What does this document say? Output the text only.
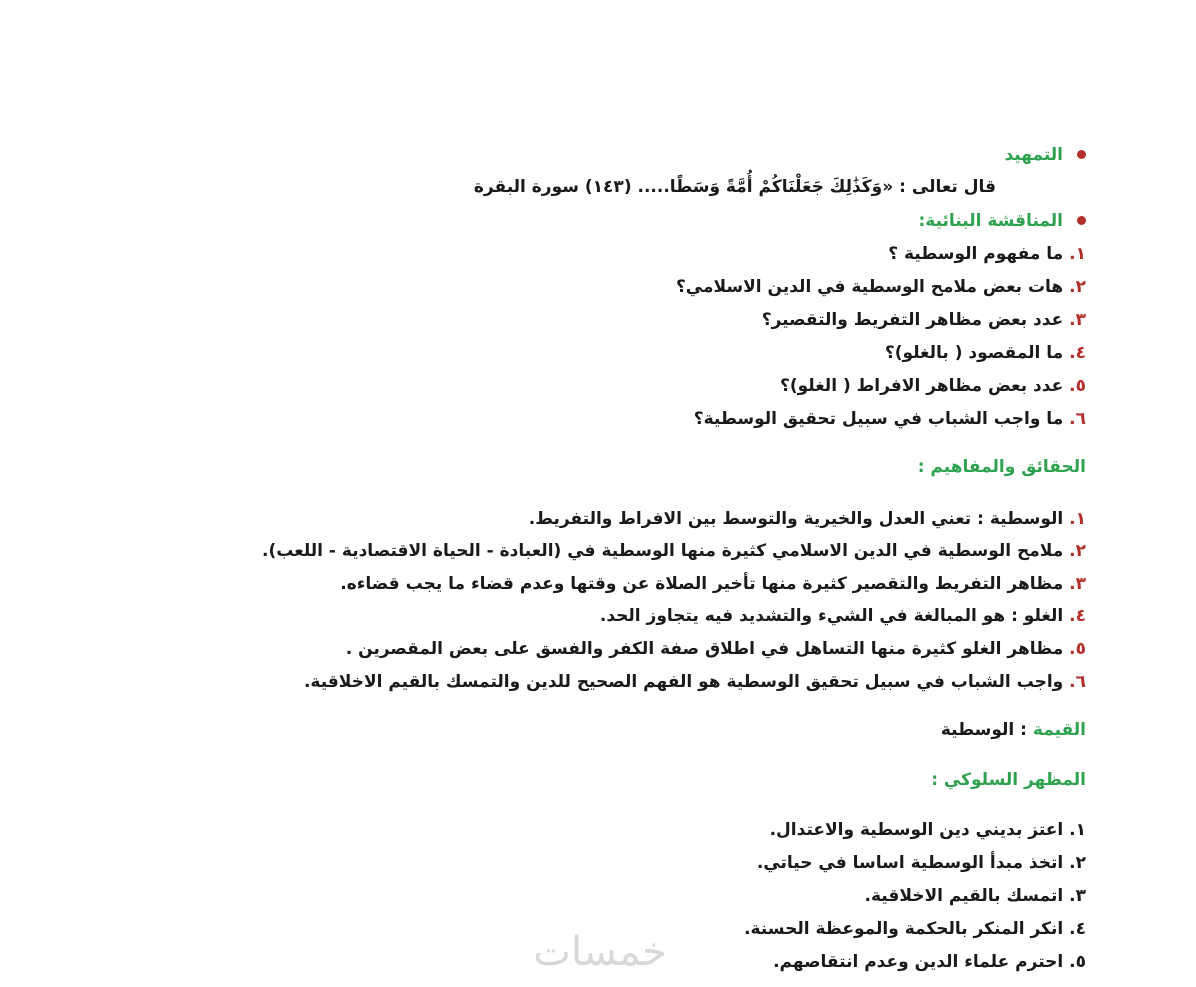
التمهيد
قال تعالى : «وَكَذَٰلِكَ جَعَلْنَاكُمْ أُمَّةً وَسَطًا..... (١٤٣) سورة البقرة
المناقشة البنائية:
١. ما مفهوم الوسطية ؟
٢. هات بعض ملامح الوسطية في الدين الاسلامي؟
٣. عدد بعض مظاهر التفريط والتقصير؟
٤. ما المقصود ( بالغلو)؟
٥. عدد بعض مظاهر الافراط ( الغلو)؟
٦. ما واجب الشباب في سبيل تحقيق الوسطية؟
الحقائق والمفاهيم :
١. الوسطية : تعني العدل والخيرية والتوسط بين الافراط والتفريط.
٢. ملامح الوسطية في الدين الاسلامي كثيرة منها الوسطية في (العبادة - الحياة الاقتصادية - اللعب).
٣. مظاهر التفريط والتقصير كثيرة منها تأخير الصلاة عن وقتها وعدم قضاء ما يجب قضاءه.
٤. الغلو : هو المبالغة في الشيء والتشديد فيه يتجاوز الحد.
٥. مظاهر الغلو كثيرة منها التساهل في اطلاق صفة الكفر والفسق على بعض المقصرين .
٦. واجب الشباب في سبيل تحقيق الوسطية هو الفهم الصحيح للدين والتمسك بالقيم الاخلاقية.
القيمة : الوسطية
المظهر السلوكي :
١. اعتز بديني دين الوسطية والاعتدال.
٢. اتخذ مبدأ الوسطية اساسا في حياتي.
٣. اتمسك بالقيم الاخلاقية.
٤. انكر المنكر بالحكمة والموعظة الحسنة.
٥. احترم علماء الدين وعدم انتقاصهم.
خمسات
